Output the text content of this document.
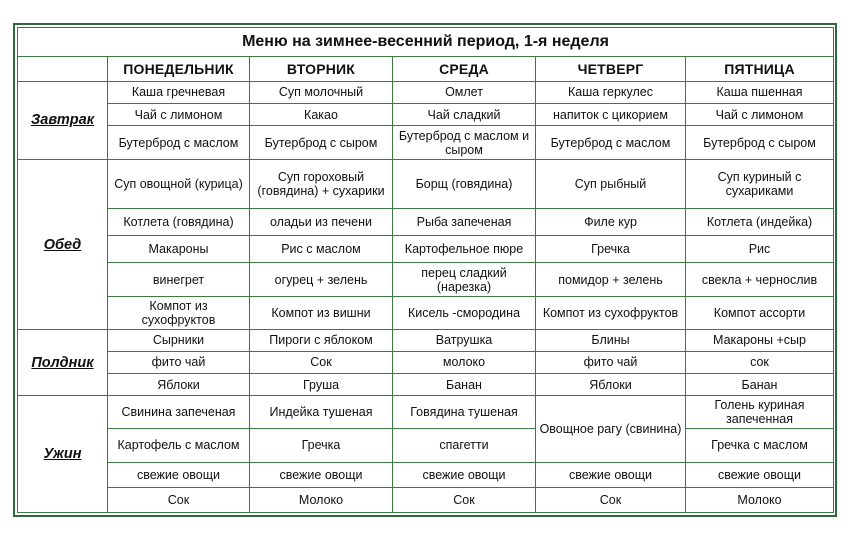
Меню на зимнее-весенний период, 1-я неделя					
	ПОНЕДЕЛЬНИК	ВТОРНИК	СРЕДА	ЧЕТВЕРГ	ПЯТНИЦА
Завтрак	Каша гречневая	Суп молочный	Омлет	Каша геркулес	Каша пшенная
	Чай с лимоном	Какао	Чай сладкий	напиток с цикорием	Чай с лимоном
	Бутерброд с маслом	Бутерброд с сыром	Бутерброд с маслом и сыром	Бутерброд с маслом	Бутерброд с сыром
Обед	Суп овощной (курица)	Суп гороховый (говядина) + сухарики	Борщ (говядина)	Суп рыбный	Суп куриный с сухариками
	Котлета (говядина)	оладьи из печени	Рыба запеченая	Филе кур	Котлета (индейка)
	Макароны	Рис с маслом	Картофельное пюре	Гречка	Рис
	винегрет	огурец + зелень	перец сладкий (нарезка)	помидор + зелень	свекла + чернослив
	Компот из сухофруктов	Компот из вишни	Кисель -смородина	Компот из сухофруктов	Компот ассорти
Полдник	Сырники	Пироги с яблоком	Ватрушка	Блины	Макароны +сыр
	фито чай	Сок	молоко	фито чай	сок
	Яблоки	Груша	Банан	Яблоки	Банан
Ужин	Свинина запеченая	Индейка тушеная	Говядина тушеная	Овощное рагу (свинина)	Голень куриная запеченная
	Картофель с маслом	Гречка	спагетти		Гречка с маслом
	свежие овощи	свежие овощи	свежие овощи	свежие овощи	свежие овощи
	Сок	Молоко	Сок	Сок	Молоко
